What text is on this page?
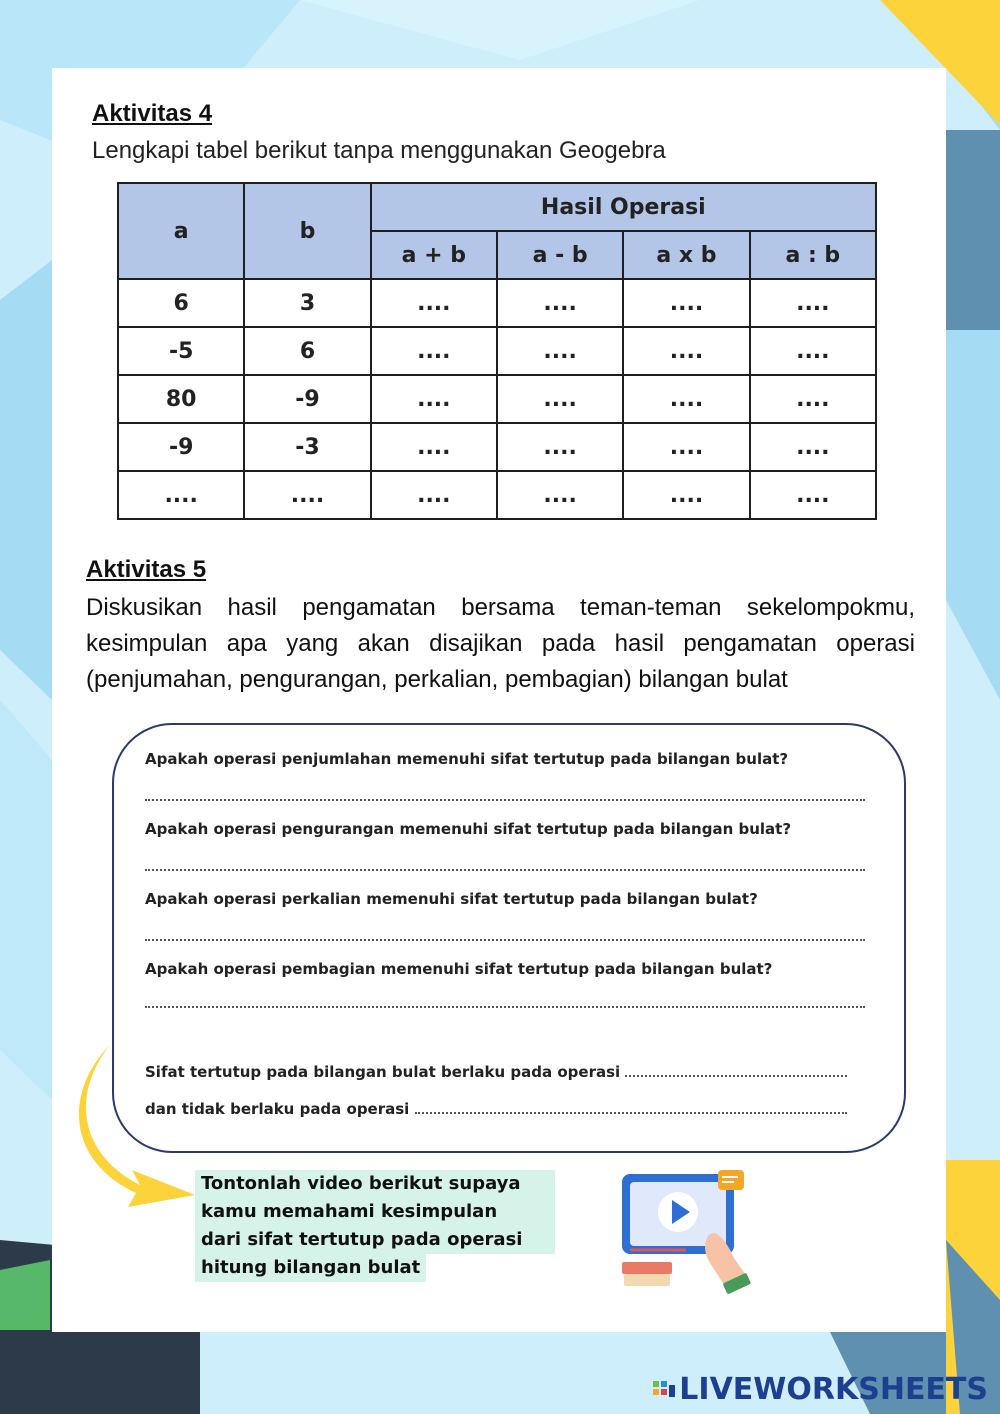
Aktivitas 4
Lengkapi tabel berikut tanpa menggunakan Geogebra
a	b	Hasil Operasi			
		a + b	a - b	a x b	a : b
6	3	....	....	....	....
-5	6	....	....	....	....
80	-9	....	....	....	....
-9	-3	....	....	....	....
....	....	....	....	....	....
Aktivitas 5
Diskusikan hasil pengamatan bersama teman-teman sekelompokmu, kesimpulan apa yang akan disajikan pada hasil pengamatan operasi (penjumahan, pengurangan, perkalian, pembagian) bilangan bulat
Apakah operasi penjumlahan memenuhi sifat tertutup pada bilangan bulat?
Apakah operasi pengurangan memenuhi sifat tertutup pada bilangan bulat?
Apakah operasi perkalian memenuhi sifat tertutup pada bilangan bulat?
Apakah operasi pembagian memenuhi sifat tertutup pada bilangan bulat?
Sifat tertutup pada bilangan bulat berlaku pada operasi
dan tidak berlaku pada operasi
Tontonlah video berikut supaya
kamu memahami kesimpulan
dari sifat tertutup pada operasi
hitung bilangan bulat
LIVEWORKSHEETS
